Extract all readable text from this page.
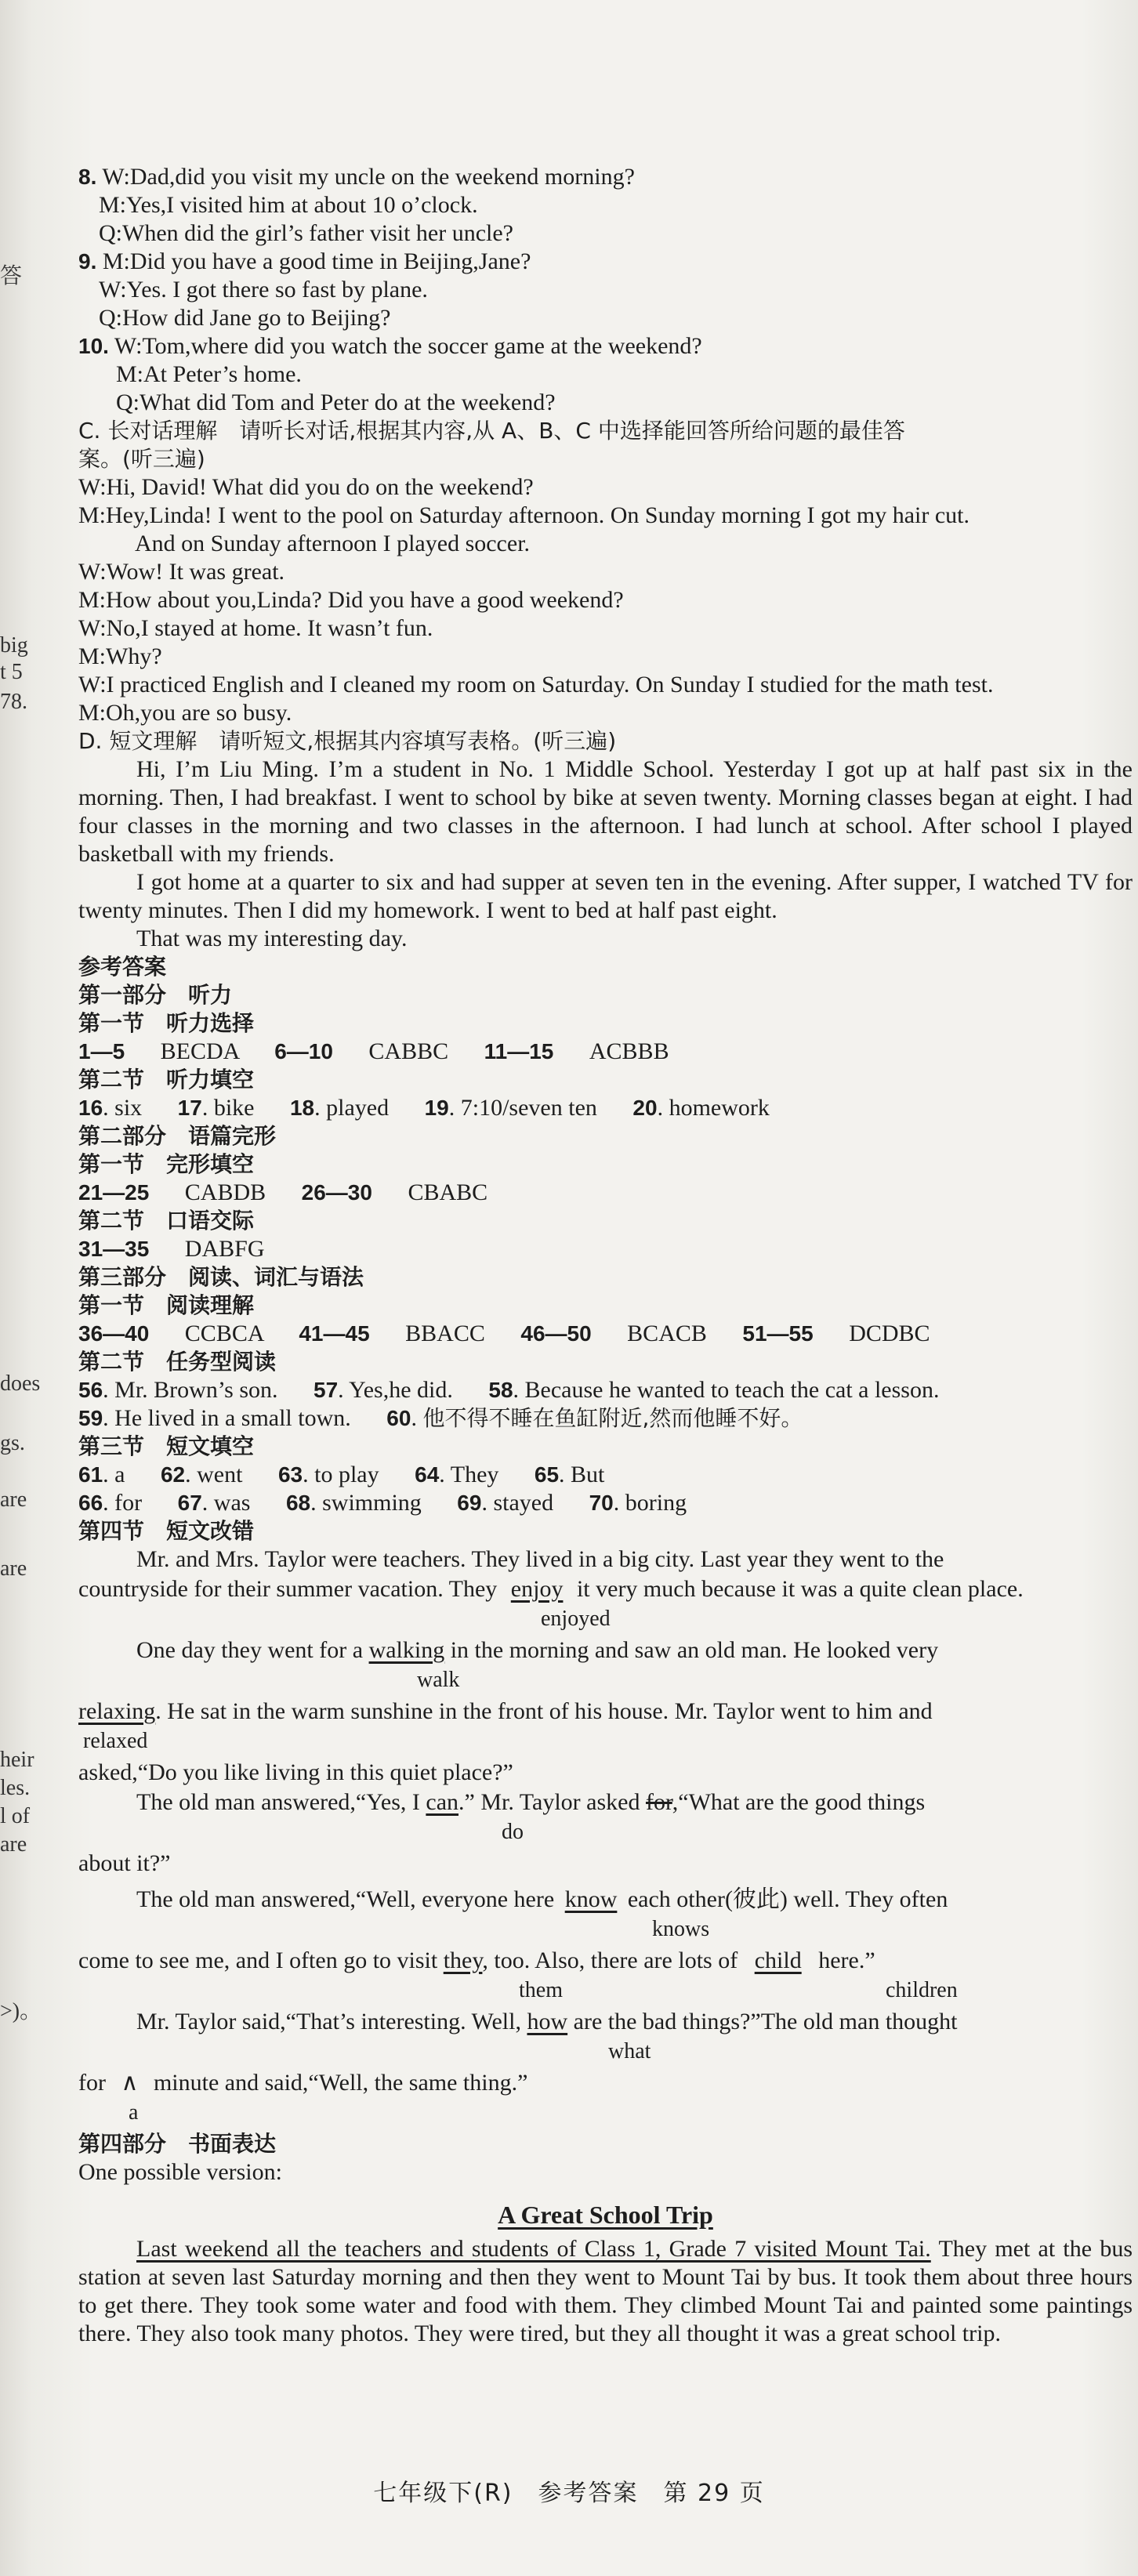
答
big
t 5
78.
does
gs.
are
are
heir
les.
l of
are
>)。
8. W:Dad,did you visit my uncle on the weekend morning?
M:Yes,I visited him at about 10 o’clock.
Q:When did the girl’s father visit her uncle?
9. M:Did you have a good time in Beijing,Jane?
W:Yes. I got there so fast by plane.
Q:How did Jane go to Beijing?
10. W:Tom,where did you watch the soccer game at the weekend?
M:At Peter’s home.
Q:What did Tom and Peter do at the weekend?
C. 长对话理解　请听长对话,根据其内容,从 A、B、C 中选择能回答所给问题的最佳答
案。(听三遍)
W:Hi, David! What did you do on the weekend?
M:Hey,Linda! I went to the pool on Saturday afternoon. On Sunday morning I got my hair cut.
And on Sunday afternoon I played soccer.
W:Wow! It was great.
M:How about you,Linda? Did you have a good weekend?
W:No,I stayed at home. It wasn’t fun.
M:Why?
W:I practiced English and I cleaned my room on Saturday. On Sunday I studied for the math test.
M:Oh,you are so busy.
D. 短文理解　请听短文,根据其内容填写表格。(听三遍)
Hi, I’m Liu Ming. I’m a student in No. 1 Middle School. Yesterday I got up at half past six in the morning. Then, I had breakfast. I went to school by bike at seven twenty. Morning classes began at eight. I had four classes in the morning and two classes in the afternoon. I had lunch at school. After school I played basketball with my friends.
I got home at a quarter to six and had supper at seven ten in the evening. After supper, I watched TV for twenty minutes. Then I did my homework. I went to bed at half past eight.
That was my interesting day.
参考答案
第一部分　听力
第一节　听力选择
1—5 BECDA 6—10 CABBC 11—15 ACBBB
第二节　听力填空
16. six 17. bike 18. played 19. 7:10/seven ten 20. homework
第二部分　语篇完形
第一节　完形填空
21—25 CABDB 26—30 CBABC
第二节　口语交际
31—35 DABFG
第三部分　阅读、词汇与语法
第一节　阅读理解
36—40 CCBCA 41—45 BBACC 46—50 BCACB 51—55 DCDBC
第二节　任务型阅读
56. Mr. Brown’s son. 57. Yes,he did. 58. Because he wanted to teach the cat a lesson.
59. He lived in a small town. 60. 他不得不睡在鱼缸附近,然而他睡不好。
第三节　短文填空
61. a 62. went 63. to play 64. They 65. But
66. for 67. was 68. swimming 69. stayed 70. boring
第四节　短文改错
Mr. and Mrs. Taylor were teachers. They lived in a big city. Last year they went to the
countryside for their summer vacation. They enjoy it very much because it was a quite clean place.
enjoyed
One day they went for a walking in the morning and saw an old man. He looked very
walk
relaxing. He sat in the warm sunshine in the front of his house. Mr. Taylor went to him and
relaxed
asked,“Do you like living in this quiet place?”
The old man answered,“Yes, I can.” Mr. Taylor asked for,“What are the good things
do
about it?”
The old man answered,“Well, everyone here know each other(彼此) well. They often
knows
come to see me, and I often go to visit they, too. Also, there are lots of child here.”
them	children
Mr. Taylor said,“That’s interesting. Well, how are the bad things?”The old man thought
what
for ∧ minute and said,“Well, the same thing.”
a
第四部分　书面表达
One possible version:
A Great School Trip
Last weekend all the teachers and students of Class 1, Grade 7 visited Mount Tai. They met at the bus station at seven last Saturday morning and then they went to Mount Tai by bus. It took them about three hours to get there. They took some water and food with them. They climbed Mount Tai and painted some paintings there. They also took many photos. They were tired, but they all thought it was a great school trip.
七年级下(R)　参考答案　第 29 页
